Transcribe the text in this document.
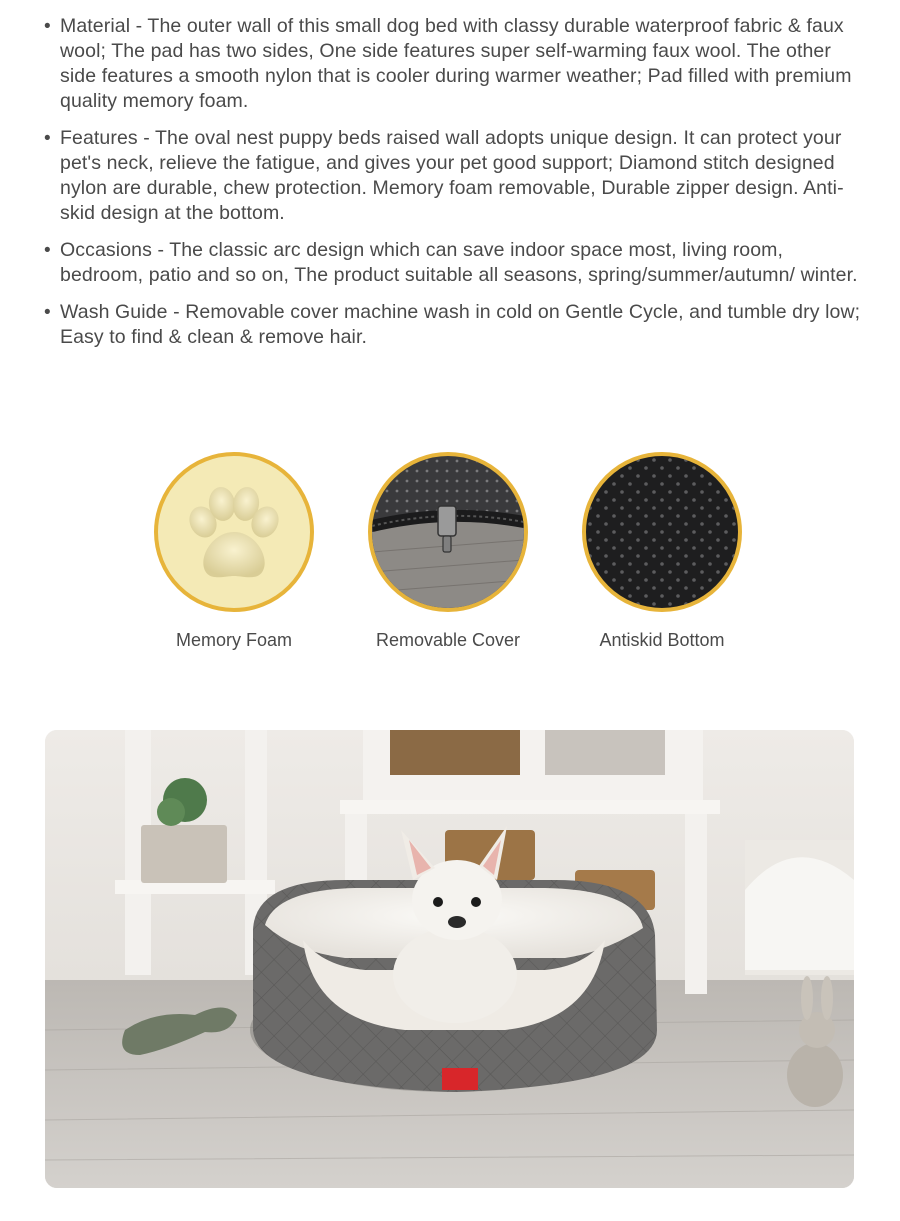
• Material - The outer wall of this small dog bed with classy durable waterproof fabric & faux wool; The pad has two sides, One side features super self-warming faux wool. The other side features a smooth nylon that is cooler during warmer weather; Pad filled with premium quality memory foam.
• Features - The oval nest puppy beds raised wall adopts unique design. It can protect your pet's neck, relieve the fatigue, and gives your pet good support; Diamond stitch designed nylon are durable, chew protection. Memory foam removable, Durable zipper design. Anti-skid design at the bottom.
• Occasions - The classic arc design which can save indoor space most, living room, bedroom, patio and so on, The product suitable all seasons, spring/summer/autumn/ winter.
• Wash Guide - Removable cover machine wash in cold on Gentle Cycle, and tumble dry low; Easy to find & clean & remove hair.
Memory Foam	Removable Cover	Antiskid Bottom
